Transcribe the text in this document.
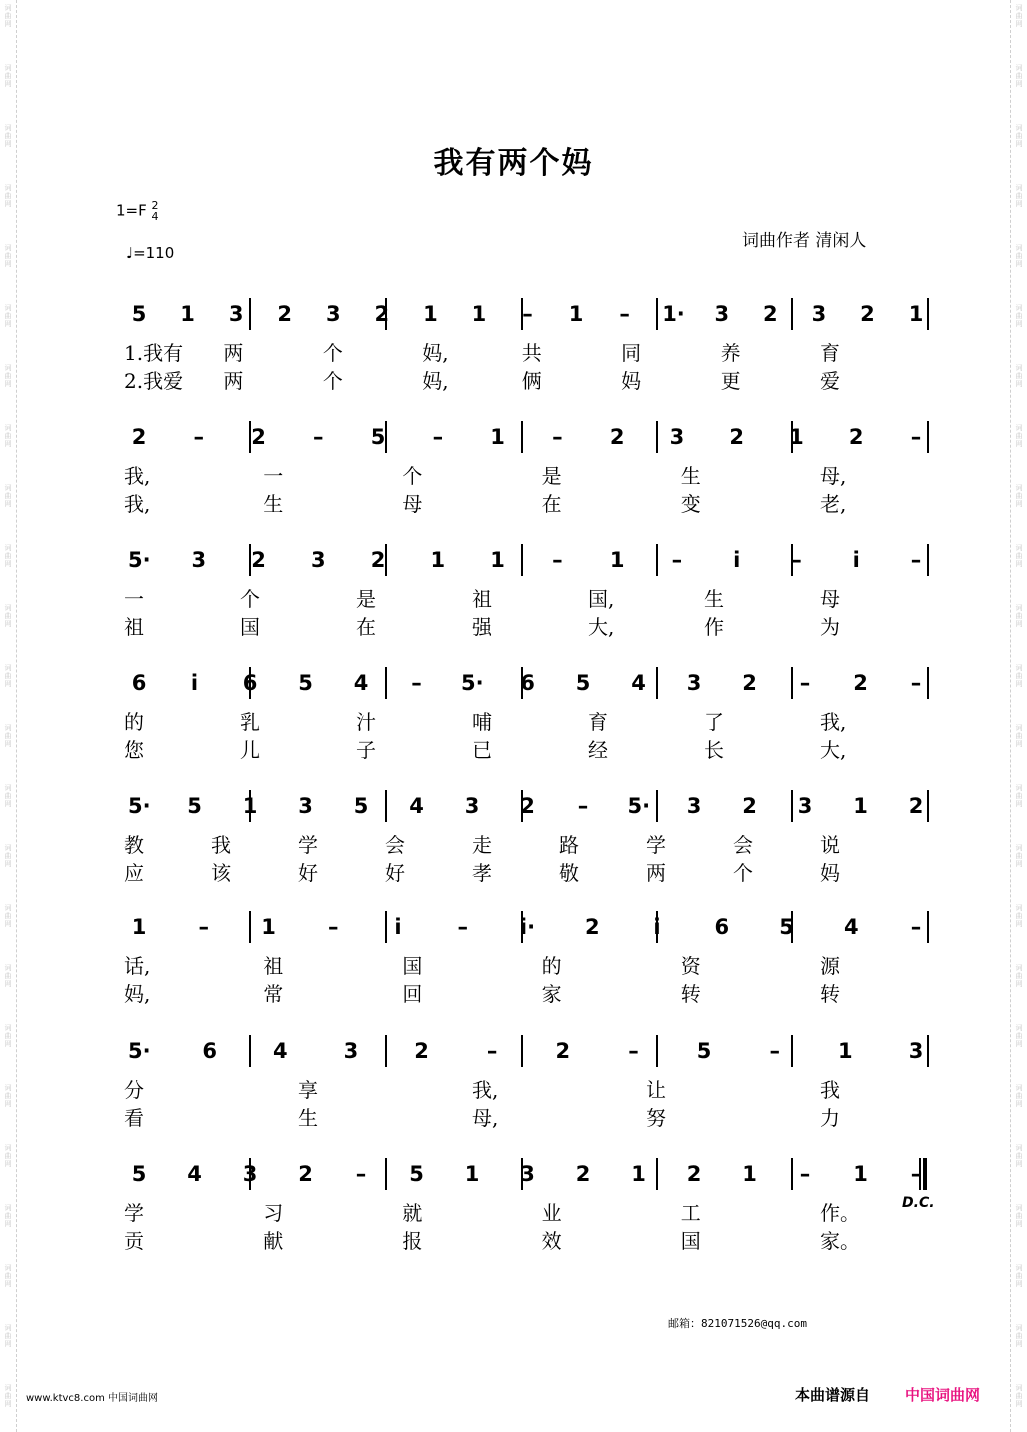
词
曲
网
词
曲
网
词
曲
网
词
曲
网
词
曲
网
词
曲
网
词
曲
网
词
曲
网
词
曲
网
词
曲
网
词
曲
网
词
曲
网
词
曲
网
词
曲
网
词
曲
网
词
曲
网
词
曲
网
词
曲
网
词
曲
网
词
曲
网
词
曲
网
词
曲
网
词
曲
网
词
曲
网
词
曲
网
词
曲
网
词
曲
网
词
曲
网
词
曲
网
词
曲
网
词
曲
网
词
曲
网
词
曲
网
词
曲
网
词
曲
网
词
曲
网
词
曲
网
词
曲
网
词
曲
网
词
曲
网
词
曲
网
词
曲
网
词
曲
网
词
曲
网
词
曲
网
词
曲
网
词
曲
网
词
曲
网
我有两个妈
1=F 2
4
♩=110
词曲作者 清闲人
5 1 3 2 3 2 1 1 – 1 – 1· 3 2 3 2 1
1.我有 两	个	妈,	共	同	养	育
2.我爱 两	个	妈,	俩	妈	更	爱
2 – 2 – 5 – 1 – 2 3 2 1 2 –
我,	一	个	是	生	母,
我,	生	母	在	变	老,
5· 3 2 3 2 1 1 – 1 –	i	–	i	–
一	个	是	祖	国,	生	母
祖	国	在	强	大,	作	为
6	i	6 5 4 – 5· 6 5 4 3 2 – 2 –
的	乳	汁	哺	育	了	我,
您	儿	子	已	经	长	大,
5· 5 1 3 5 4 3 2 – 5· 3 2 3 1 2
教	我	学	会	走	路	学	会	说
应	该	好	好	孝	敬	两	个	妈
1 – 1 –	i	– i· 2	i	6 5 4 –
话,	祖	国	的	资	源
妈,	常	回	家	转	转
5· 6	4	3	2	–	2	–	5	–	1	3
分	享	我,	让	我
看	生	母,	努	力
5 4 3 2 – 5 1 3 2 1 2 1 – 1 –
学	习	就	业	工	作。
贡	献	报	效	国	家。
D.C.
邮箱：821071526@qq.com
www.ktvc8.com 中国词曲网	本曲谱源自 中国词曲网
